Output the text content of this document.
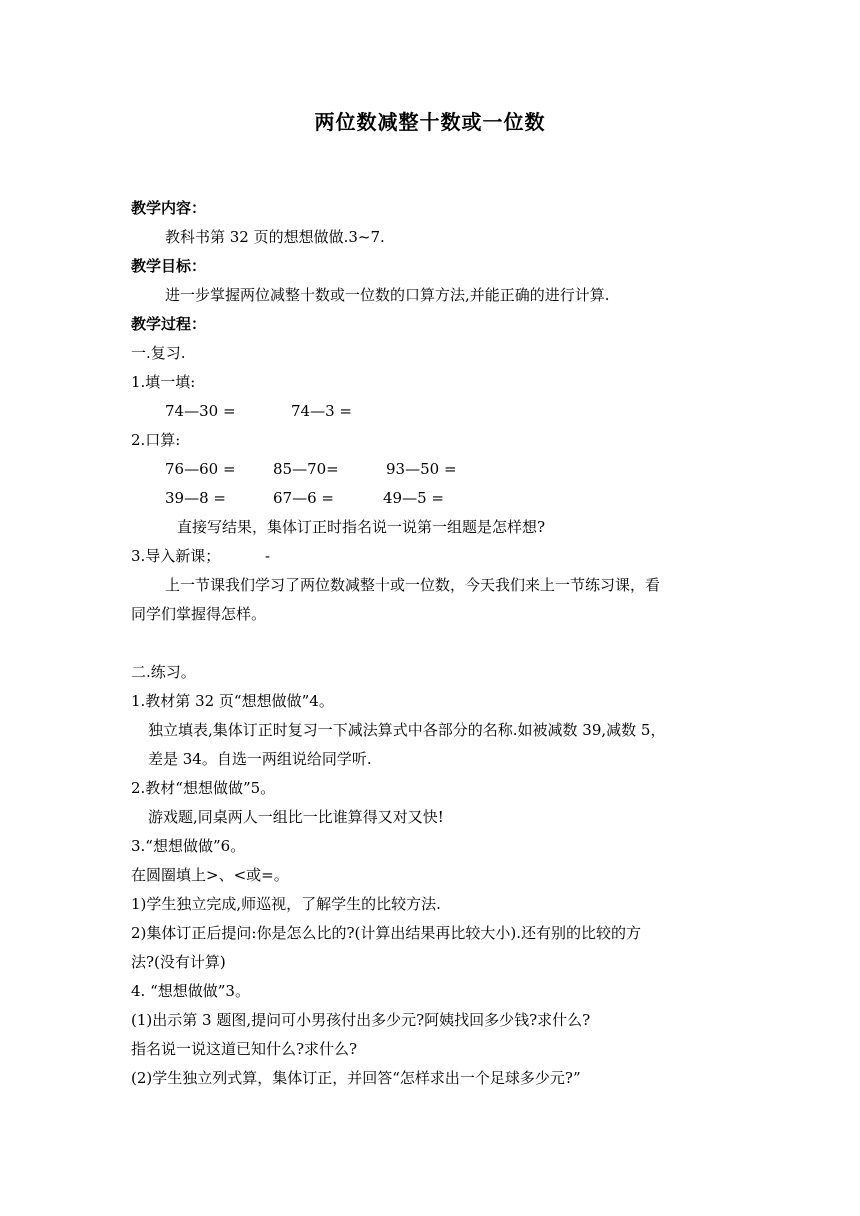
两位数减整十数或一位数
教学内容：
教科书第 32 页的想想做做.3~7.
教学目标：
进一步掌握两位减整十数或一位数的口算方法,并能正确的进行计算.
教学过程：
一.复习.
1.填一填:
74—30 =	74—3 =
2.口算:
76—60 = 85—70=	93—50 =
39—8 =	67—6 =	49—5 =
直接写结果，集体订正时指名说一说第一组题是怎样想?
3.导入新课；	-
上一节课我们学习了两位数减整十或一位数，今天我们来上一节练习课，看
同学们掌握得怎样。
二.练习。
1.教材第 32 页“想想做做”4。
独立填表,集体订正时复习一下减法算式中各部分的名称.如被减数 39,减数 5，
差是 34。自选一两组说给同学听.
2.教材“想想做做”5。
游戏题,同桌两人一组比一比谁算得又对又快!
3.“想想做做”6。
在圆圈填上>、<或=。
1)学生独立完成,师巡视，了解学生的比较方法.
2)集体订正后提问:你是怎么比的?(计算出结果再比较大小).还有别的比较的方
法?(没有计算)
4. “想想做做”3。
(1)出示第 3 题图,提问可小男孩付出多少元?阿姨找回多少钱?求什么?
指名说一说这道已知什么?求什么?
(2)学生独立列式算，集体订正，并回答“怎样求出一个足球多少元?”
